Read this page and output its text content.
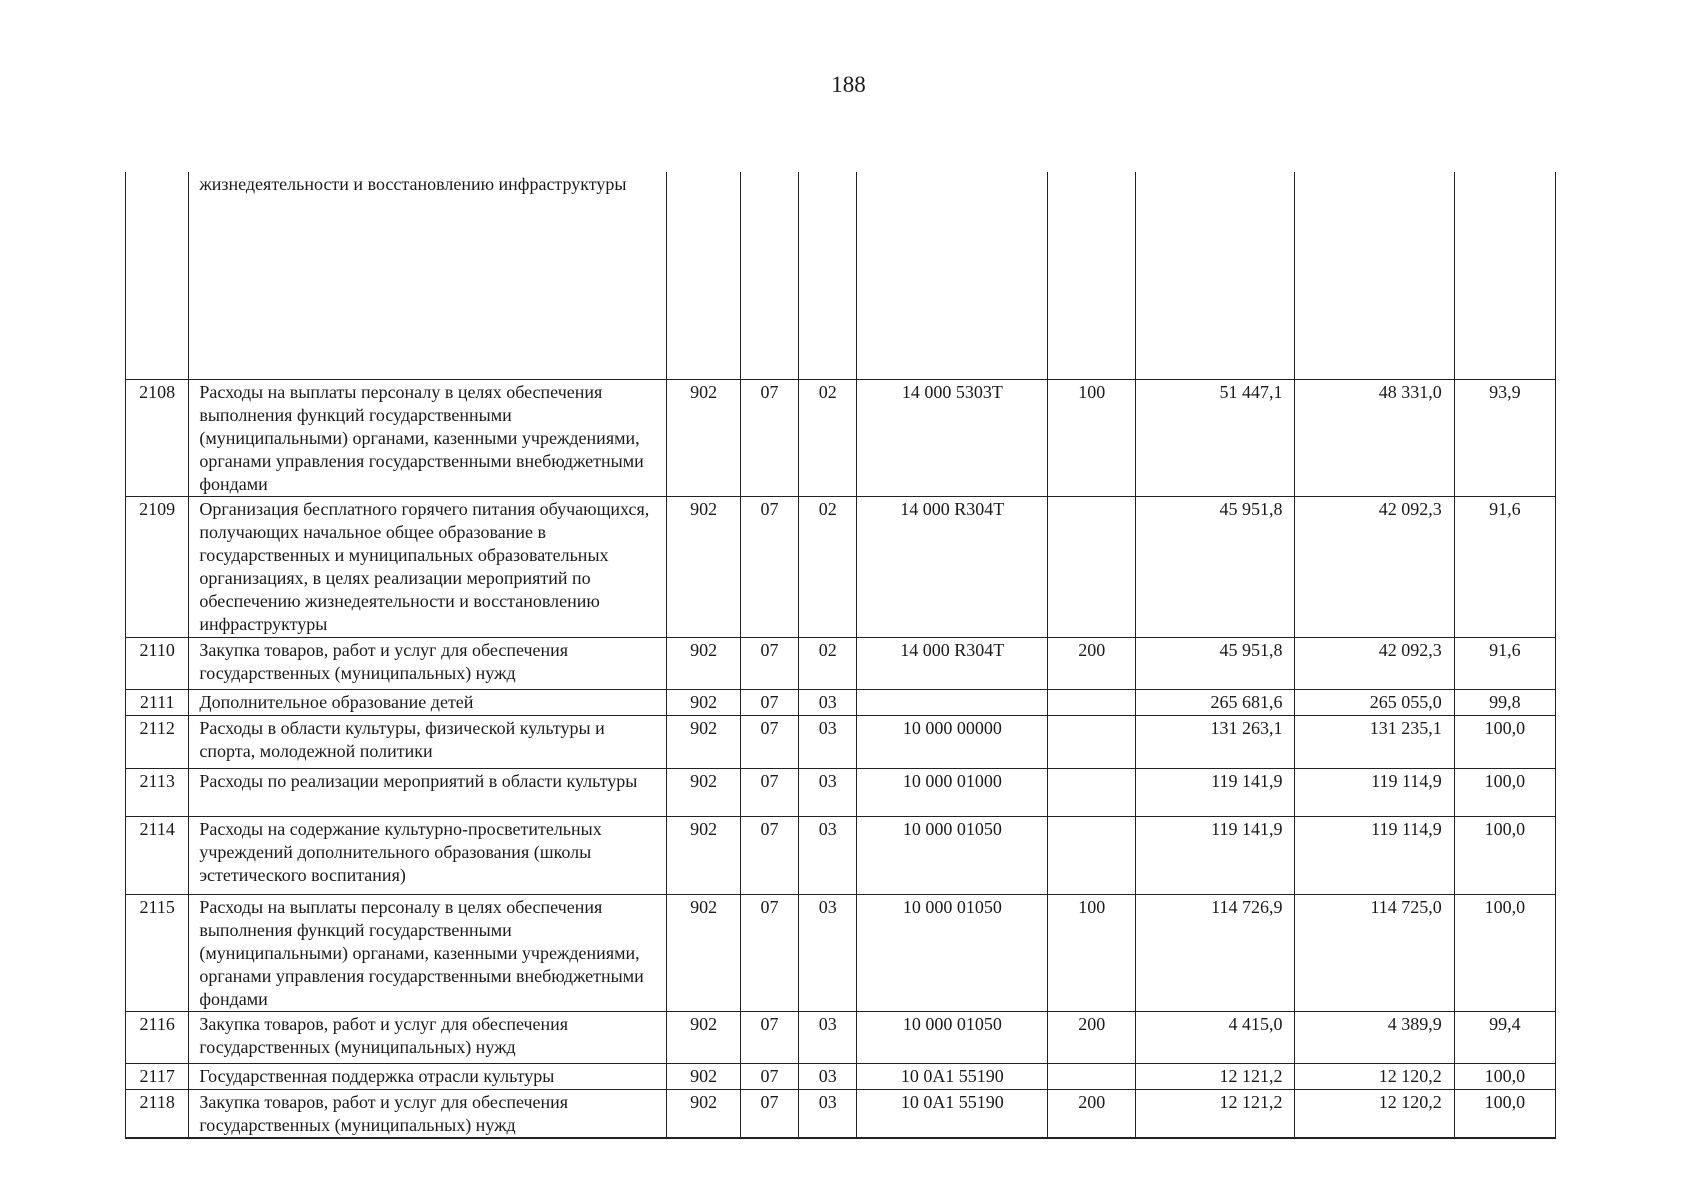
188
	жизнедеятельности и восстановлению инфраструктуры								
2108	Расходы на выплаты персоналу в целях обеспечения выполнения функций государственными (муниципальными) органами, казенными учреждениями, органами управления государственными внебюджетными фондами	902	07	02	14 000 5303T	100	51 447,1	48 331,0	93,9
2109	Организация бесплатного горячего питания обучающихся, получающих начальное общее образование в государственных и муниципальных образовательных организациях, в целях реализации мероприятий по обеспечению жизнедеятельности и восстановлению инфраструктуры	902	07	02	14 000 R304T		45 951,8	42 092,3	91,6
2110	Закупка товаров, работ и услуг для обеспечения государственных (муниципальных) нужд	902	07	02	14 000 R304T	200	45 951,8	42 092,3	91,6
2111	Дополнительное образование детей	902	07	03			265 681,6	265 055,0	99,8
2112	Расходы в области культуры, физической культуры и спорта, молодежной политики	902	07	03	10 000 00000		131 263,1	131 235,1	100,0
2113	Расходы по реализации мероприятий в области культуры	902	07	03	10 000 01000		119 141,9	119 114,9	100,0
2114	Расходы на содержание культурно-просветительных учреждений дополнительного образования (школы эстетического воспитания)	902	07	03	10 000 01050		119 141,9	119 114,9	100,0
2115	Расходы на выплаты персоналу в целях обеспечения выполнения функций государственными (муниципальными) органами, казенными учреждениями, органами управления государственными внебюджетными фондами	902	07	03	10 000 01050	100	114 726,9	114 725,0	100,0
2116	Закупка товаров, работ и услуг для обеспечения государственных (муниципальных) нужд	902	07	03	10 000 01050	200	4 415,0	4 389,9	99,4
2117	Государственная поддержка отрасли культуры	902	07	03	10 0A1 55190		12 121,2	12 120,2	100,0
2118	Закупка товаров, работ и услуг для обеспечения государственных (муниципальных) нужд	902	07	03	10 0A1 55190	200	12 121,2	12 120,2	100,0
